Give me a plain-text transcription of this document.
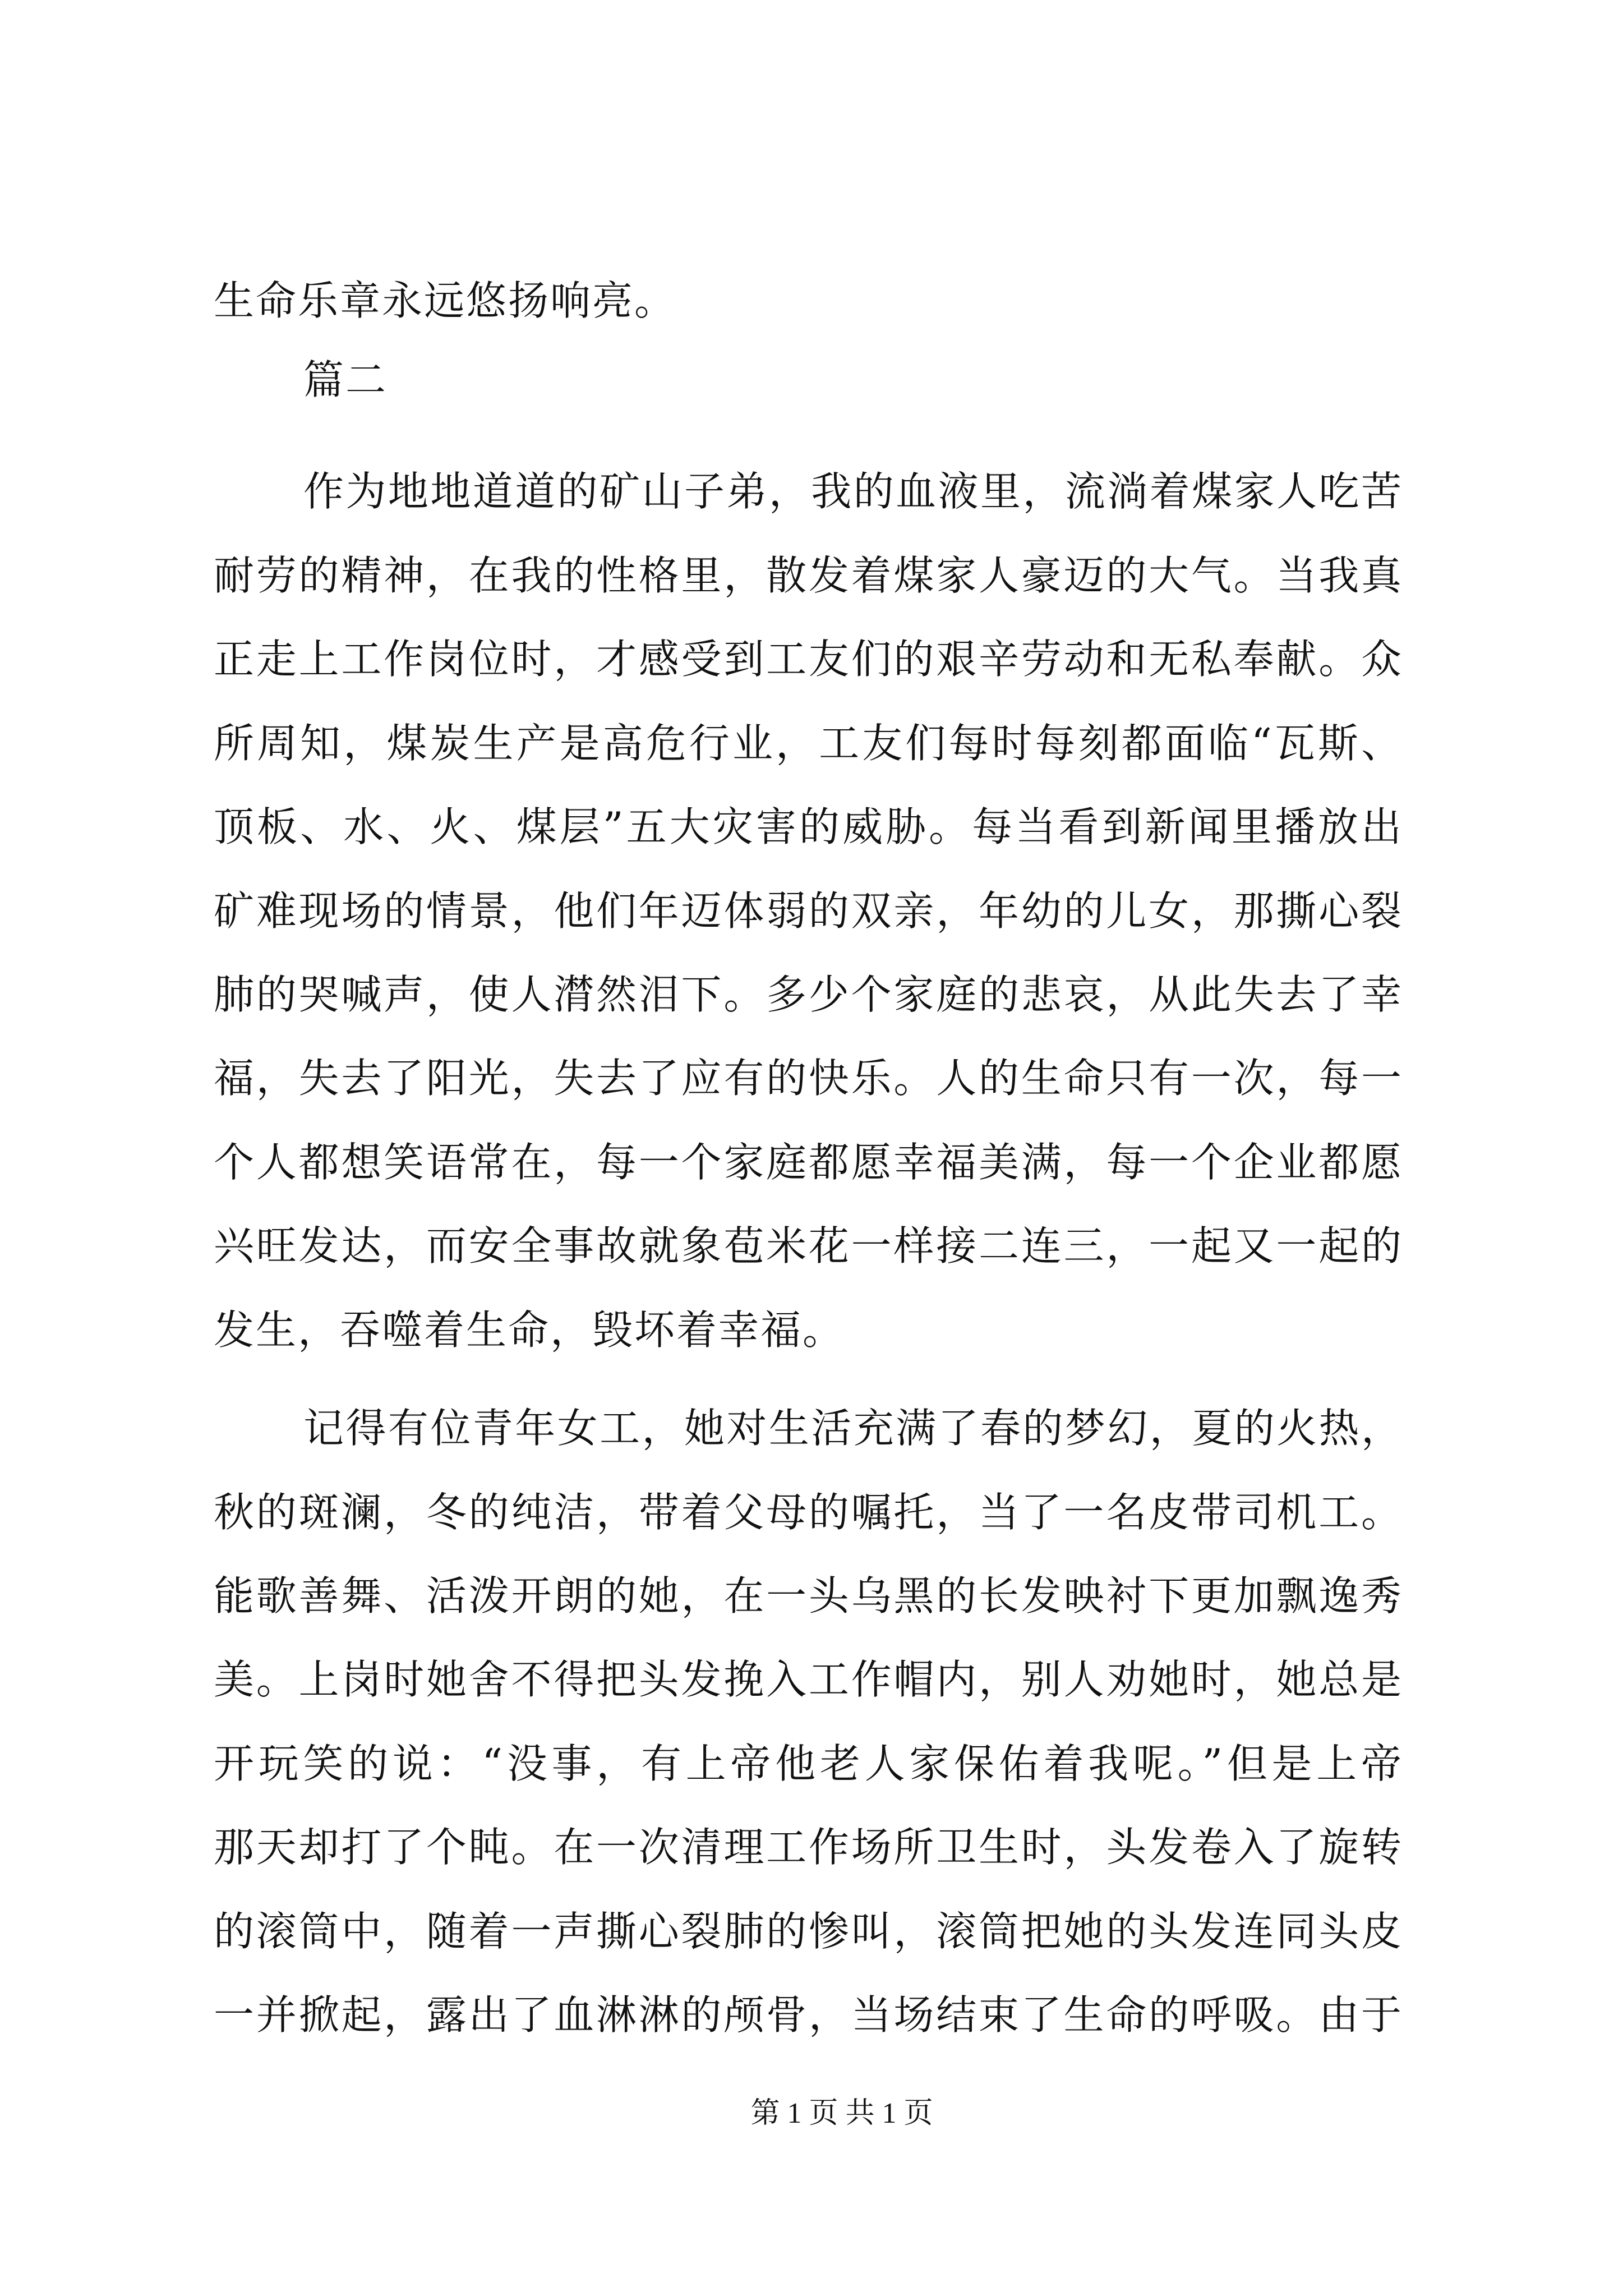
生命乐章永远悠扬响亮。
篇二
作为地地道道的矿山子弟，我的血液里，流淌着煤家人吃苦
耐劳的精神，在我的性格里，散发着煤家人豪迈的大气。当我真
正走上工作岗位时，才感受到工友们的艰辛劳动和无私奉献。众
所周知，煤炭生产是高危行业，工友们每时每刻都面临“瓦斯、
顶板、水、火、煤层”五大灾害的威胁。每当看到新闻里播放出
矿难现场的情景，他们年迈体弱的双亲，年幼的儿女，那撕心裂
肺的哭喊声，使人潸然泪下。多少个家庭的悲哀，从此失去了幸
福，失去了阳光，失去了应有的快乐。人的生命只有一次，每一
个人都想笑语常在，每一个家庭都愿幸福美满，每一个企业都愿
兴旺发达，而安全事故就象苞米花一样接二连三，一起又一起的
发生，吞噬着生命，毁坏着幸福。
记得有位青年女工，她对生活充满了春的梦幻，夏的火热，
秋的斑澜，冬的纯洁，带着父母的嘱托，当了一名皮带司机工。
能歌善舞、活泼开朗的她，在一头乌黑的长发映衬下更加飘逸秀
美。上岗时她舍不得把头发挽入工作帽内，别人劝她时，她总是
开玩笑的说：“没事，有上帝他老人家保佑着我呢。”但是上帝
那天却打了个盹。在一次清理工作场所卫生时，头发卷入了旋转
的滚筒中，随着一声撕心裂肺的惨叫，滚筒把她的头发连同头皮
一并掀起，露出了血淋淋的颅骨，当场结束了生命的呼吸。由于
第 1 页 共 1 页
